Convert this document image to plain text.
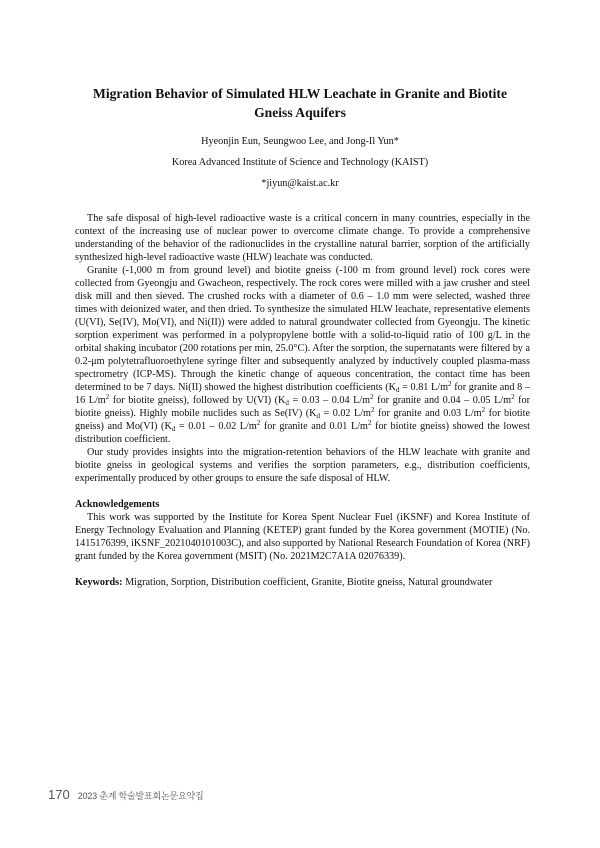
Migration Behavior of Simulated HLW Leachate in Granite and Biotite Gneiss Aquifers

Hyeonjin Eun, Seungwoo Lee, and Jong-Il Yun*

Korea Advanced Institute of Science and Technology (KAIST)

*jiyun@kaist.ac.kr

The safe disposal of high-level radioactive waste is a critical concern in many countries, especially in the context of the increasing use of nuclear power to overcome climate change. To provide a comprehensive understanding of the behavior of the radionuclides in the crystalline natural barrier, sorption of the artificially synthesized high-level radioactive waste (HLW) leachate was conducted.

Granite (-1,000 m from ground level) and biotite gneiss (-100 m from ground level) rock cores were collected from Gyeongju and Gwacheon, respectively. The rock cores were milled with a jaw crusher and steel disk mill and then sieved. The crushed rocks with a diameter of 0.6 – 1.0 mm were selected, washed three times with deionized water, and then dried. To synthesize the simulated HLW leachate, representative elements (U(VI), Se(IV), Mo(VI), and Ni(II)) were added to natural groundwater collected from Gyeongju. The kinetic sorption experiment was performed in a polypropylene bottle with a solid-to-liquid ratio of 100 g/L in the orbital shaking incubator (200 rotations per min, 25.0°C). After the sorption, the supernatants were filtered by a 0.2-μm polytetrafluoroethylene syringe filter and subsequently analyzed by inductively coupled plasma-mass spectrometry (ICP-MS). Through the kinetic change of aqueous concentration, the contact time has been determined to be 7 days. Ni(II) showed the highest distribution coefficients ($K_d = 0.81$ $L/m^2$ for granite and 8 – 16 $L/m^2$ for biotite gneiss), followed by U(VI) ($K_d = 0.03 - 0.04$ $L/m^2$ for granite and 0.04 – 0.05 $L/m^2$ for biotite gneiss). Highly mobile nuclides such as Se(IV) ($K_d = 0.02$ $L/m^2$ for granite and 0.03 $L/m^2$ for biotite gneiss) and Mo(VI) ($K_d = 0.01 - 0.02$ $L/m^2$ for granite and 0.01 $L/m^2$ for biotite gneiss) showed the lowest distribution coefficient.

Our study provides insights into the migration-retention behaviors of the HLW leachate with granite and biotite gneiss in geological systems and verifies the sorption parameters, e.g., distribution coefficients, experimentally produced by other groups to ensure the safe disposal of HLW.

Acknowledgements

This work was supported by the Institute for Korea Spent Nuclear Fuel (iKSNF) and Korea Institute of Energy Technology Evaluation and Planning (KETEP) grant funded by the Korea government (MOTIE) (No. 1415176399, iKSNF_2021040101003C), and also supported by National Research Foundation of Korea (NRF) grant funded by the Korea government (MSIT) (No. 2021M2C7A1A 02076339).

Keywords: Migration, Sorption, Distribution coefficient, Granite, Biotite gneiss, Natural groundwater

170 2023 춘계 학술발표회논문요약집
